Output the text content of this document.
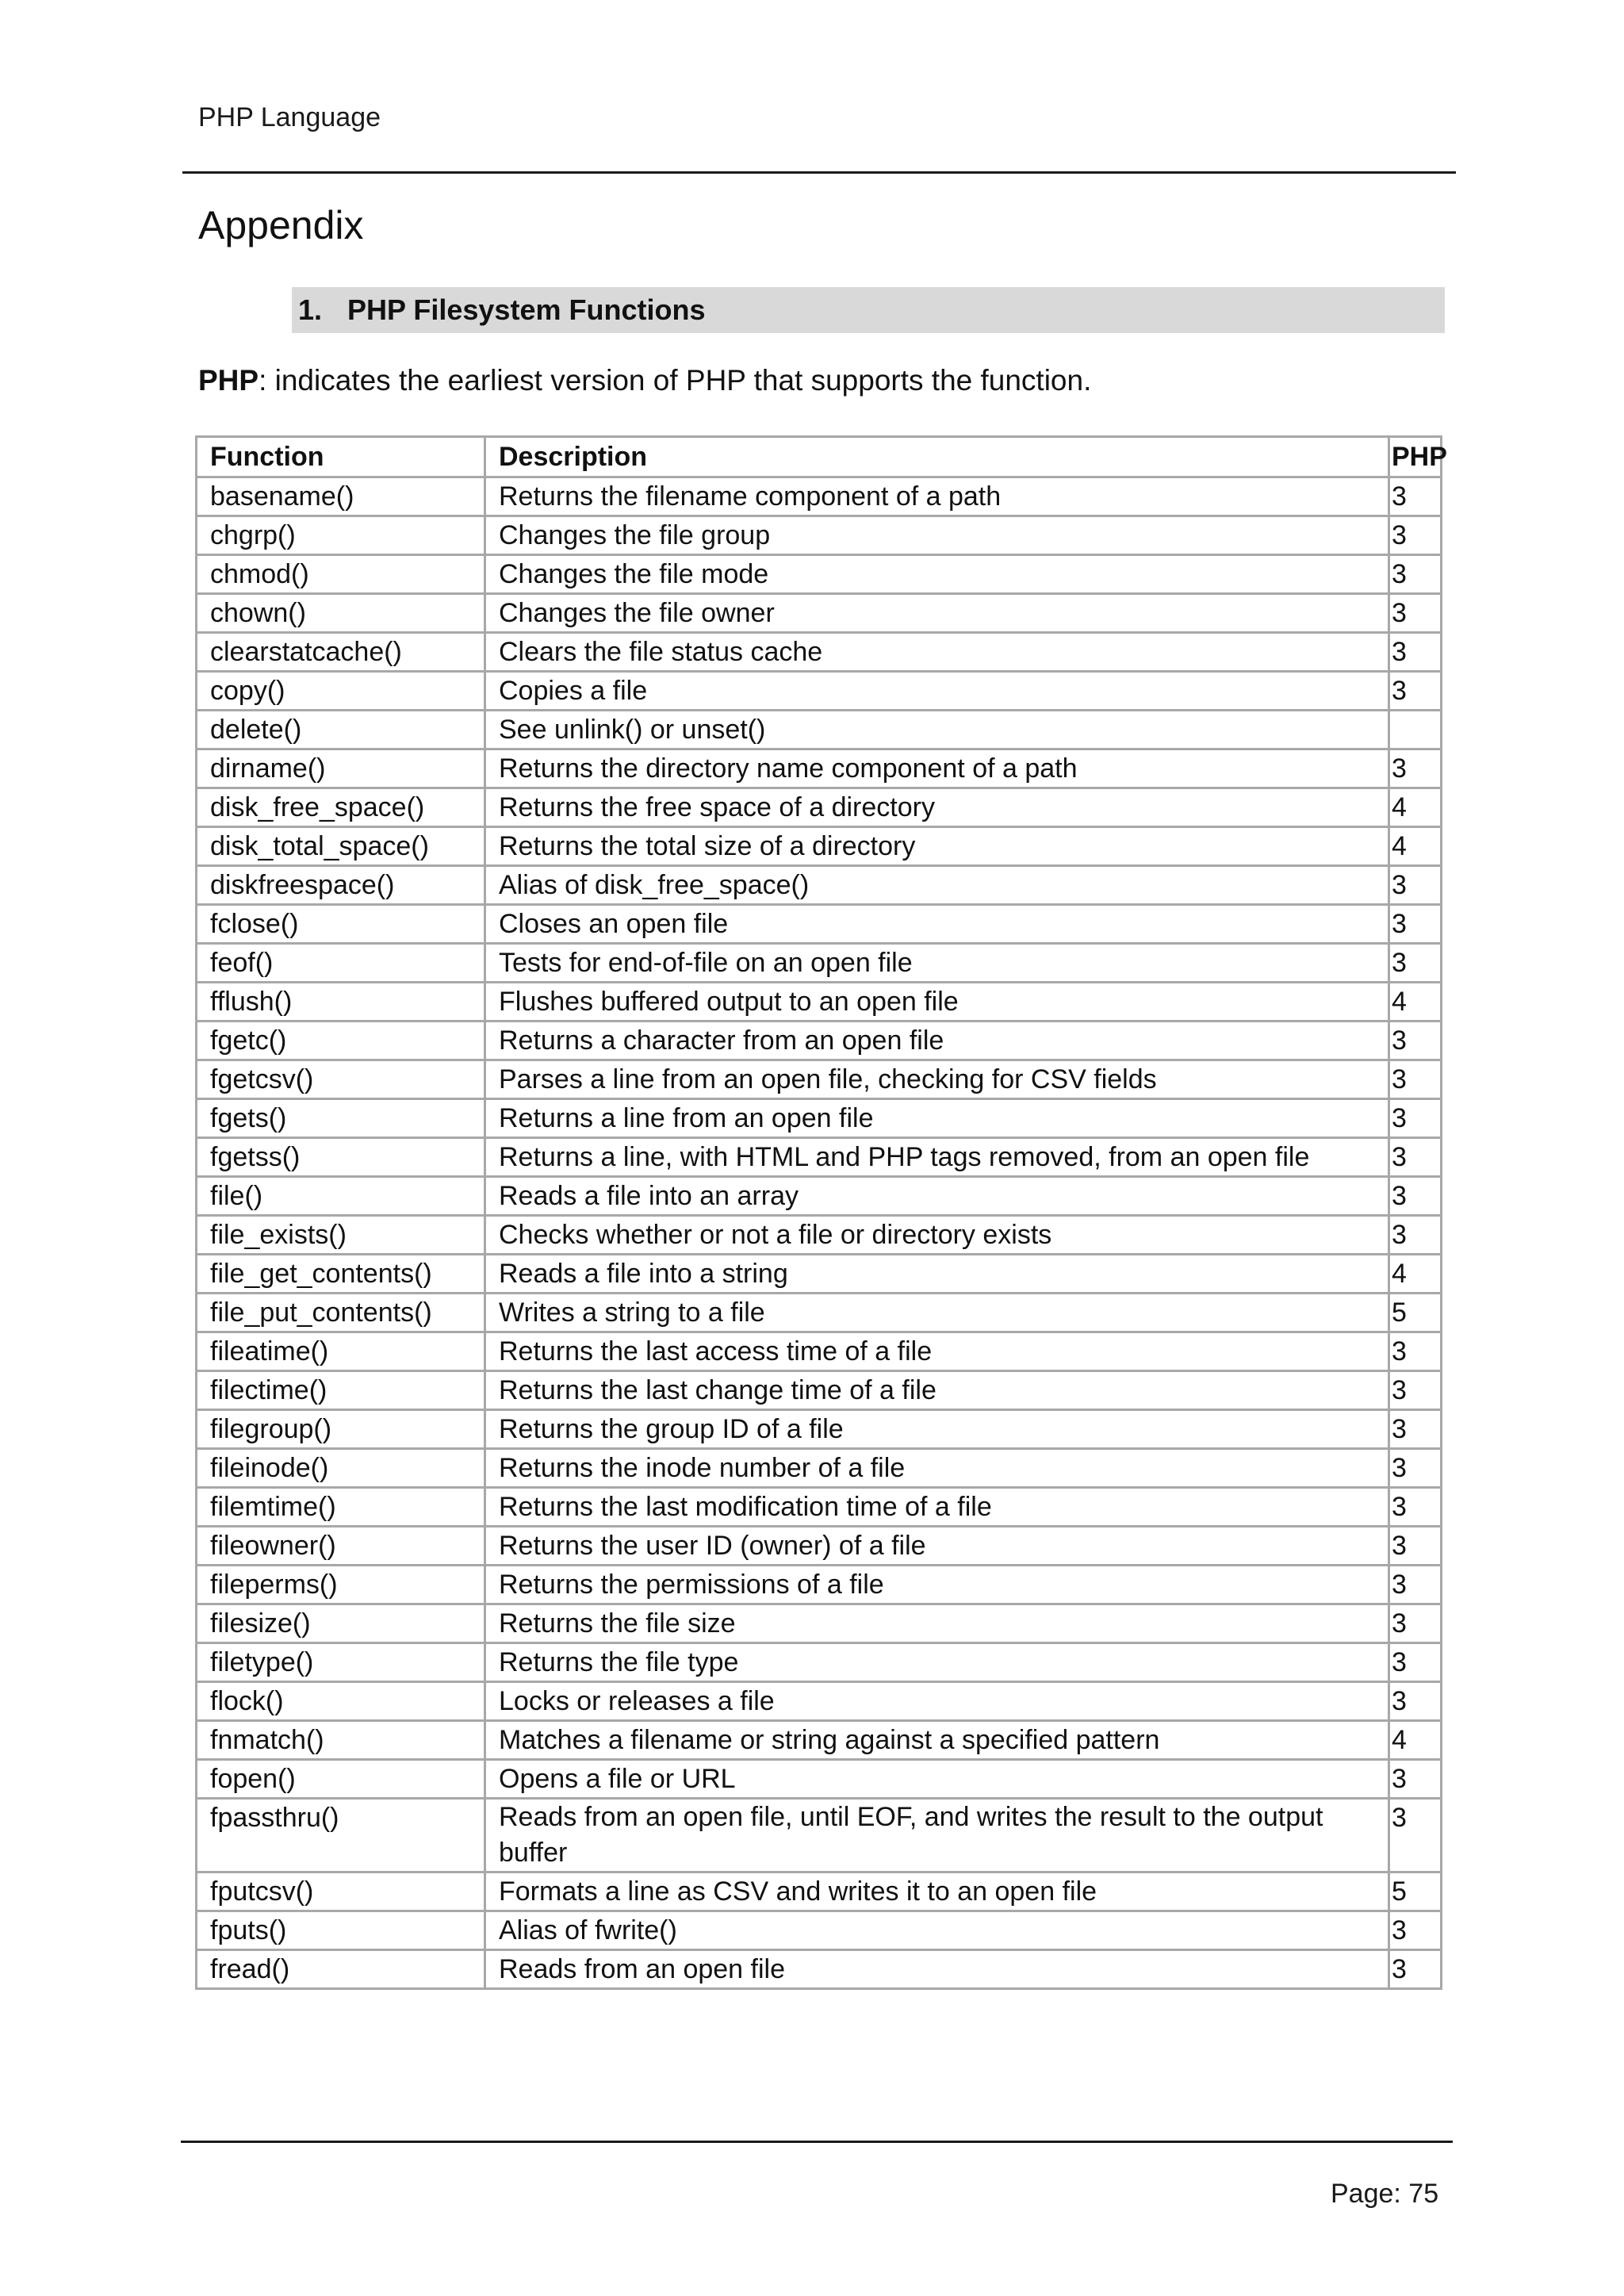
PHP Language
Appendix
1. PHP Filesystem Functions
PHP: indicates the earliest version of PHP that supports the function.
Function	Description	PHP
basename()	Returns the filename component of a path	3
chgrp()	Changes the file group	3
chmod()	Changes the file mode	3
chown()	Changes the file owner	3
clearstatcache()	Clears the file status cache	3
copy()	Copies a file	3
delete()	See unlink() or unset()	
dirname()	Returns the directory name component of a path	3
disk_free_space()	Returns the free space of a directory	4
disk_total_space()	Returns the total size of a directory	4
diskfreespace()	Alias of disk_free_space()	3
fclose()	Closes an open file	3
feof()	Tests for end-of-file on an open file	3
fflush()	Flushes buffered output to an open file	4
fgetc()	Returns a character from an open file	3
fgetcsv()	Parses a line from an open file, checking for CSV fields	3
fgets()	Returns a line from an open file	3
fgetss()	Returns a line, with HTML and PHP tags removed, from an open file	3
file()	Reads a file into an array	3
file_exists()	Checks whether or not a file or directory exists	3
file_get_contents()	Reads a file into a string	4
file_put_contents()	Writes a string to a file	5
fileatime()	Returns the last access time of a file	3
filectime()	Returns the last change time of a file	3
filegroup()	Returns the group ID of a file	3
fileinode()	Returns the inode number of a file	3
filemtime()	Returns the last modification time of a file	3
fileowner()	Returns the user ID (owner) of a file	3
fileperms()	Returns the permissions of a file	3
filesize()	Returns the file size	3
filetype()	Returns the file type	3
flock()	Locks or releases a file	3
fnmatch()	Matches a filename or string against a specified pattern	4
fopen()	Opens a file or URL	3
fpassthru()	Reads from an open file, until EOF, and writes the result to the output buffer	3
fputcsv()	Formats a line as CSV and writes it to an open file	5
fputs()	Alias of fwrite()	3
fread()	Reads from an open file	3
Page: 75
